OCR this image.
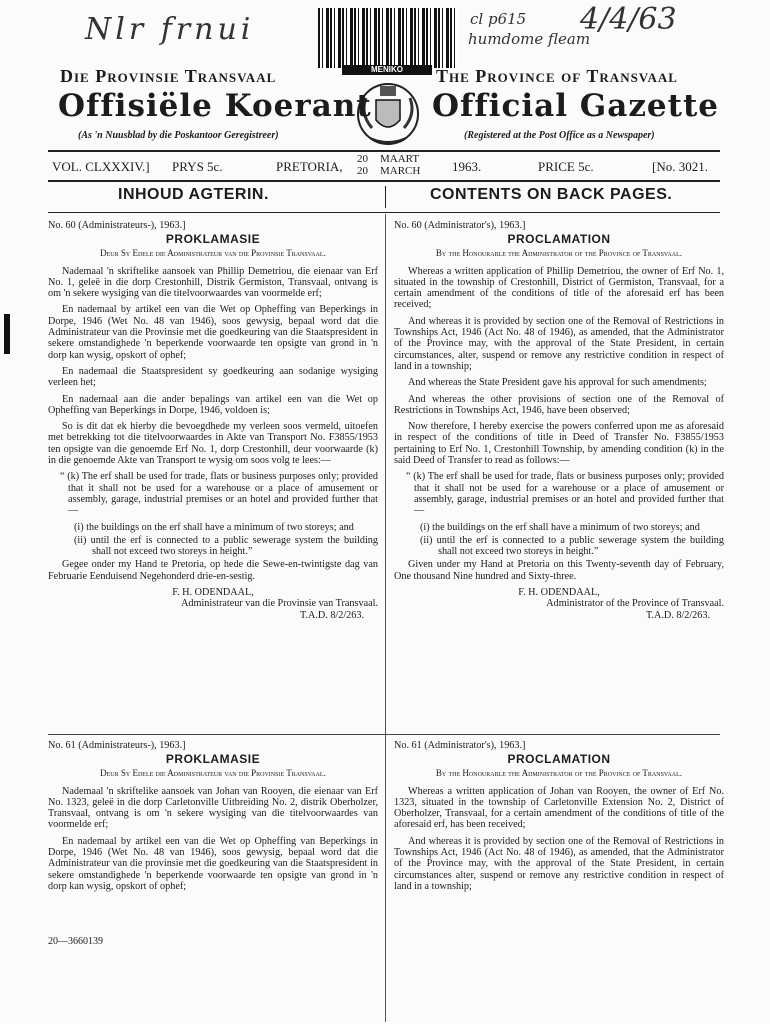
Nlr frnui	cl p615 4/4/63
humdome fleam
MENIKO
Die Provinsie Transvaal	The Province of Transvaal
Offisiële Koerant Official Gazette
(As 'n Nuusblad by die Poskantoor Geregistreer)	(Registered at the Post Office as a Newspaper)
VOL. CLXXXIV.] PRYS 5c.	PRETORIA, 20
20
MAART
MARCH 1963.	PRICE 5c.	[No. 3021.
INHOUD AGTERIN.	CONTENTS ON BACK PAGES.

No. 60 (Administrateurs-), 1963.]

PROKLAMASIE

Deur Sy Edele die Administrateur van die Provinsie Transvaal.

Nademaal 'n skriftelike aansoek van Phillip Demetriou, die eienaar van Erf No. 1, geleë in die dorp Crestonhill, Distrik Germiston, Transvaal, ontvang is om 'n sekere wysiging van die titelvoorwaardes van voormelde erf;

En nademaal by artikel een van die Wet op Opheffing van Beperkings in Dorpe, 1946 (Wet No. 48 van 1946), soos gewysig, bepaal word dat die Administrateur van die Provinsie met die goedkeuring van die Staatspresident in sekere omstandighede 'n beperkende voorwaarde ten opsigte van grond in 'n dorp kan wysig, opskort of ophef;

En nademaal die Staatspresident sy goedkeuring aan sodanige wysiging verleen het;

En nademaal aan die ander bepalings van artikel een van die Wet op Opheffing van Beperkings in Dorpe, 1946, voldoen is;

So is dit dat ek hierby die bevoegdhede my verleen soos vermeld, uitoefen met betrekking tot die titelvoorwaardes in Akte van Transport No. F3855/1953 ten opsigte van die genoemde Erf No. 1, dorp Crestonhill, deur voorwaarde (k) in die genoemde Akte van Transport te wysig om soos volg te lees:—

“ (k) The erf shall be used for trade, flats or business purposes only; provided that it shall not be used for a warehouse or a place of amusement or assembly, garage, industrial premises or an hotel and provided further that—

(i) the buildings on the erf shall have a minimum of two storeys; and

(ii) until the erf is connected to a public sewerage system the building shall not exceed two storeys in height.”

Gegee onder my Hand te Pretoria, op hede die Sewe-en-twintigste dag van Februarie Eenduisend Negehonderd drie-en-sestig.

F. H. ODENDAAL,

Administrateur van die Provinsie van Transvaal.

T.A.D. 8/2/263.

No. 60 (Administrator's), 1963.]

PROCLAMATION

By the Honourable the Administrator of the Province of Transvaal.

Whereas a written application of Phillip Demetriou, the owner of Erf No. 1, situated in the township of Crestonhill, District of Germiston, Transvaal, for a certain amendment of the conditions of title of the aforesaid erf has been received;

And whereas it is provided by section one of the Removal of Restrictions in Townships Act, 1946 (Act No. 48 of 1946), as amended, that the Administrator of the Province may, with the approval of the State President, in certain circumstances, alter, suspend or remove any restrictive condition in respect of land in a township;

And whereas the State President gave his approval for such amendments;

And whereas the other provisions of section one of the Removal of Restrictions in Townships Act, 1946, have been observed;

Now therefore, I hereby exercise the powers conferred upon me as aforesaid in respect of the conditions of title in Deed of Transfer No. F3855/1953 pertaining to Erf No. 1, Crestonhill Township, by amending condition (k) in the said Deed of Transfer to read as follows:—

“ (k) The erf shall be used for trade, flats or business purposes only; provided that it shall not be used for a warehouse or a place of amusement or assembly, garage, industrial premises or an hotel and provided further that—

(i) the buildings on the erf shall have a minimum of two storeys; and

(ii) until the erf is connected to a public sewerage system the building shall not exceed two storeys in height.”

Given under my Hand at Pretoria on this Twenty-seventh day of February, One thousand Nine hundred and Sixty-three.

F. H. ODENDAAL,

Administrator of the Province of Transvaal.

T.A.D. 8/2/263.

No. 61 (Administrateurs-), 1963.]

PROKLAMASIE

Deur Sy Edele die Administrateur van die Provinsie Transvaal.

Nademaal 'n skriftelike aansoek van Johan van Rooyen, die eienaar van Erf No. 1323, geleë in die dorp Carletonville Uitbreiding No. 2, distrik Oberholzer, Transvaal, ontvang is om 'n sekere wysiging van die titelvoorwaardes van voormelde erf;

En nademaal by artikel een van die Wet op Opheffing van Beperkings in Dorpe, 1946 (Wet No. 48 van 1946), soos gewysig, bepaal word dat die Administrateur van die provinsie met die goedkeuring van die Staatspresident in sekere omstandighede 'n beperkende voorwaarde ten opsigte van grond in 'n dorp kan wysig, opskort of ophef;

No. 61 (Administrator's), 1963.]

PROCLAMATION

By the Honourable the Administrator of the Province of Transvaal.

Whereas a written application of Johan van Rooyen, the owner of Erf No. 1323, situated in the township of Carletonville Extension No. 2, District of Oberholzer, Transvaal, for a certain amendment of the conditions of title of the aforesaid erf, has been received;

And whereas it is provided by section one of the Removal of Restrictions in Townships Act, 1946 (Act No. 48 of 1946), as amended, that the Administrator of the Province may, with the approval of the State President, in certain circumstances alter, suspend or remove any restrictive condition in respect of land in a township;

20—3660139
